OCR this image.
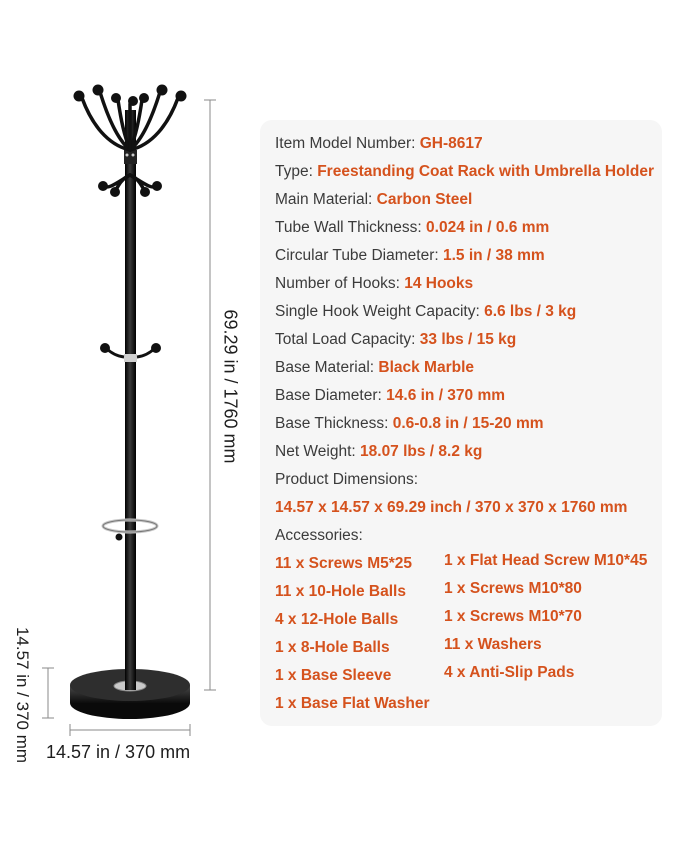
69.29 in / 1760 mm
14.57 in / 370 mm 14.57 in / 370 mm
Item Model Number: GH-8617
Type: Freestanding Coat Rack with Umbrella Holder
Main Material: Carbon Steel
Tube Wall Thickness: 0.024 in / 0.6 mm
Circular Tube Diameter: 1.5 in / 38 mm
Number of Hooks: 14 Hooks
Single Hook Weight Capacity: 6.6 lbs / 3 kg
Total Load Capacity: 33 lbs / 15 kg
Base Material: Black Marble
Base Diameter: 14.6 in / 370 mm
Base Thickness: 0.6-0.8 in / 15-20 mm
Net Weight: 18.07 lbs / 8.2 kg
Product Dimensions:
14.57 x 14.57 x 69.29 inch / 370 x 370 x 1760 mm
Accessories:
11 x Screws M5*25
11 x 10-Hole Balls
4 x 12-Hole Balls
1 x 8-Hole Balls
1 x Base Sleeve
1 x Base Flat Washer
1 x Flat Head Screw M10*45
1 x Screws M10*80
1 x Screws M10*70
11 x Washers
4 x Anti-Slip Pads
